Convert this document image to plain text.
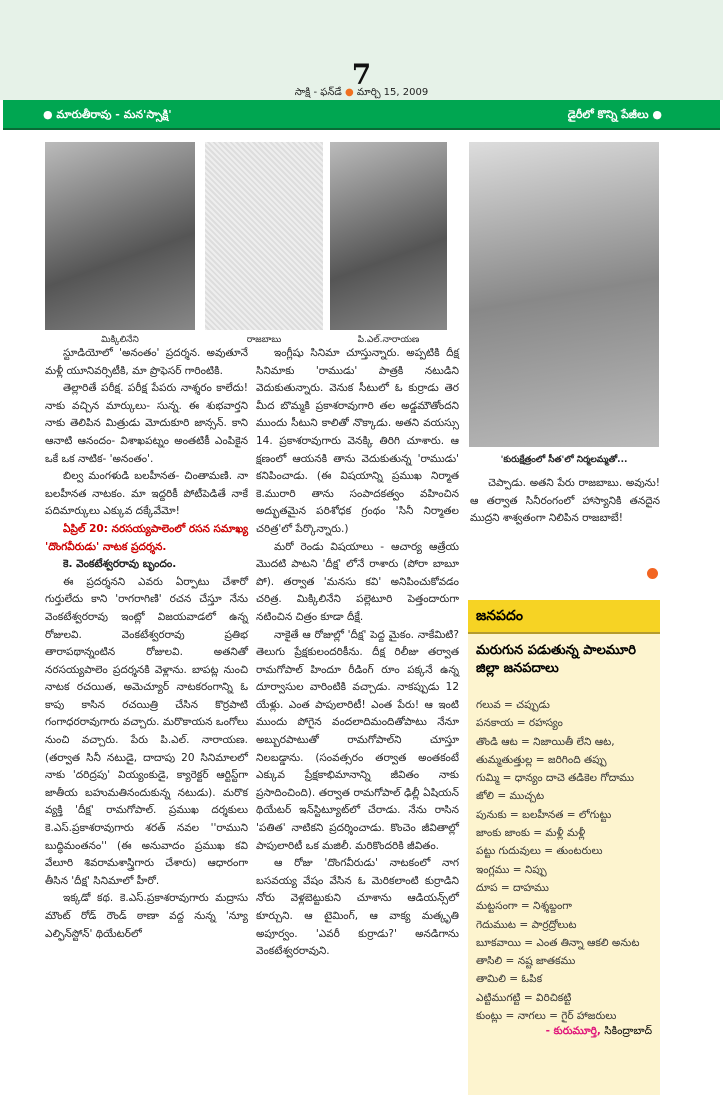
7
సాక్షి - ఫన్‌డే ● మార్చి 15, 2009
● మారుతీరావు - మన'స్సాక్షి'	డైరీలో కొన్ని పేజీలు ●
మిక్కిలినేని	రాజబాబు	పి.ఎల్.నారాయణ
'కురుక్షేత్రంలో సీత'లో నిర్మలమ్మతో...

స్టూడియోలో 'అనంతం' ప్రదర్శన. అవుతూనే మళ్లీ యూనివర్సిటీకి, మా ప్రొఫెసర్ గారింటికి.

తెల్లారితే పరీక్ష. పరీక్ష పేపరు నాశ్శరం కాలేదు! నాకు వచ్చిన మార్కులు- సున్న. ఈ శుభవార్తని నాకు తెలిపిన మిత్రుడు మోదుకూరి జాన్సన్. కాని ఆనాటి ఆనందం- విశాఖపట్నం అంతటికీ ఎంపికైన ఒకే ఒక నాటిక- 'అనంతం'.

బిల్వ మంగళుడి బలహీనత- చింతామణి. నా బలహీనత నాటకం. మా ఇద్దరికీ పోటీపెడితే నాకే పదిమార్కులు ఎక్కువ దక్కేవేమో!

ఏప్రిల్ 20: నరసయ్యపాలెంలో రసన సమాఖ్య 'దొంగవీరుడు' నాటక ప్రదర్శన.

కె. వెంకటేశ్వరరావు బృందం.

ఈ ప్రదర్శనని ఎవరు ఏర్పాటు చేశారో గుర్తులేదు కాని 'రాగరాగిణి' రచన చేస్తూ నేను వెంకటేశ్వరరావు ఇంట్లో విజయవాడలో ఉన్న రోజులవి. వెంకటేశ్వరరావు ప్రతిభ తారాపథాన్నంటిన రోజులవి. అతనితో నరసయ్యపాలెం ప్రదర్శనకి వెళ్లాను. బాపట్ల నుంచి నాటక రచయిత, అమెచ్యూర్ నాటకరంగాన్ని ఓ కాపు కాసిన రచయిత్రి చేసిన కొర్రపాటి గంగాధరరావుగారు వచ్చారు. మరొకాయన ఒంగోలు నుంచి వచ్చారు. పేరు పి.ఎల్. నారాయణ. (తర్వాత సినీ నటుడై, దాదాపు 20 సినిమాలలో నాకు 'దరిద్రపు' వియ్యంకుడై, క్యారెక్టర్ ఆర్టిస్ట్‌గా జాతీయ బహుమతినందుకున్న నటుడు). మరొక వ్యక్తి 'దీక్ష' రామగోపాల్. ప్రముఖ దర్శకులు కె.ఎస్.ప్రకాశరావుగారు శరత్ నవల ''రాముని బుద్ధిమంతనం'' (ఈ అనువాదం ప్రముఖ కవి వేలూరి శివరామశాస్త్రిగారు చేశారు) ఆధారంగా తీసిన 'దీక్ష' సినిమాలో హీరో.

ఇక్కడో కథ. కె.ఎస్.ప్రకాశరావుగారు మద్రాసు మౌంట్ రోడ్ రౌండ్ ఠాణా వద్ద నున్న 'న్యూ ఎల్ఫిన్‌స్టోన్' థియేటర్‌లో

ఇంగ్లీషు సినిమా చూస్తున్నారు. అప్పటికి దీక్ష సినిమాకు 'రాముడు' పాత్రకి నటుడిని వెదుకుతున్నారు. వెనుక సీటులో ఓ కుర్రాడు తెర మీద బొమ్మకి ప్రకాశరావుగారి తల అడ్డమౌతోందని ముందు సీటుని కాలితో నొక్కాడు. అతని వయస్సు 14. ప్రకాశరావుగారు వెనక్కి తిరిగి చూశారు. ఆ క్షణంలో ఆయనకి తాను వెదుకుతున్న 'రాముడు' కనిపించాడు. (ఈ విషయాన్ని ప్రముఖ నిర్మాత కె.మురారి తాను సంపాదకత్వం వహించిన అద్భుతమైన పరిశోధక గ్రంథం 'సినీ నిర్మాతల చరిత్ర'లో పేర్కొన్నారు.)

మరో రెండు విషయాలు - ఆచార్య ఆత్రేయ మొదటి పాటని 'దీక్ష' లోనే రాశారు (పోరా బాబూ పో). తర్వాత 'మనసు కవి' అనిపించుకోవడం చరిత్ర. మిక్కిలినేని పల్లెటూరి పెత్తందారుగా నటించిన చిత్రం కూడా దీక్షే.

నాకైతే ఆ రోజుల్లో 'దీక్ష' పెద్ద మైకం. నాకేమిటి? తెలుగు ప్రేక్షకులందరికీను. దీక్ష రిలీజు తర్వాత రామగోపాల్ హిందూ రీడింగ్ రూం పక్కనే ఉన్న దూర్వాసుల వారింటికి వచ్చాడు. నాకప్పుడు 12 యేళ్లు. ఎంత పాపులారిటీ! ఎంత పేరు! ఆ ఇంటి ముందు పోగైన వందలాదిమందితోపాటు నేనూ అబ్బురపాటుతో రామగోపాల్‌ని చూస్తూ నిలబడ్డాను. (సంవత్సరం తర్వాత అంతకంటే ఎక్కువ ప్రేక్షకాభిమానాన్ని జీవితం నాకు ప్రసాదించింది). తర్వాత రామగోపాల్ ఢిల్లీ ఏషియన్ థియేటర్ ఇన్‌స్టిట్యూట్‌లో చేరాడు. నేను రాసిన 'పతిత' నాటికని ప్రదర్శించాడు. కొంచెం జీవితాల్లో పాపులారిటీ ఒక మజిలీ. మరికొందరికి జీవితం.

ఆ రోజు 'దొంగవీరుడు' నాటకంలో నాగ బసవయ్య వేషం వేసిన ఓ మెరికలాంటి కుర్రాడిని నోరు వెళ్లబెట్టుకుని చూశాను ఆడియన్స్‌లో కూర్చుని. ఆ టైమింగ్, ఆ వాక్య మత్కృతి అపూర్వం. 'ఎవరీ కుర్రాడు?' అనడిగాను వెంకటేశ్వరరావుని.

చెప్పాడు. అతని పేరు రాజబాబు. అవును! ఆ తర్వాత సినీరంగంలో హాస్యానికి తనదైన ముద్రని శాశ్వతంగా నిలిపిన రాజబాబే!

జనపదం
మరుగున పడుతున్న పాలమూరి జిల్లా జనపదాలు
గలువ = చప్పుడు
పనకాయ = రహస్యం
తొండి ఆట = నిజాయితీ లేని ఆట,
తుమ్మతుత్తుల్ల = జరిగింది తప్పు
గుమ్మి = ధాన్యం దాచె తడికెల గోదాము
జోలి = ముచ్చట
పునుకు = బలహీనత = లోగుట్టు
జాంకు జాంకు = మళ్లీ మళ్లీ
పట్టు గుదువులు = తుంటరులు
ఇంగ్లము = నిప్పు
దూప = దాహము
మట్టసంగా = నిశ్శబ్దంగా
గెదుముట = పార్రద్రోలుట
బూకవాయి = ఎంత తిన్నా ఆకలి అనుట
తాసిలి = నష్ట జాతకము
తామిలి = ఓపిక
ఎట్టిముగట్టి = విరిచికట్టి
కుంట్లు = నాగలు = గైర్ హాజరులు
- కురుమూర్తి, సికింద్రాబాద్
